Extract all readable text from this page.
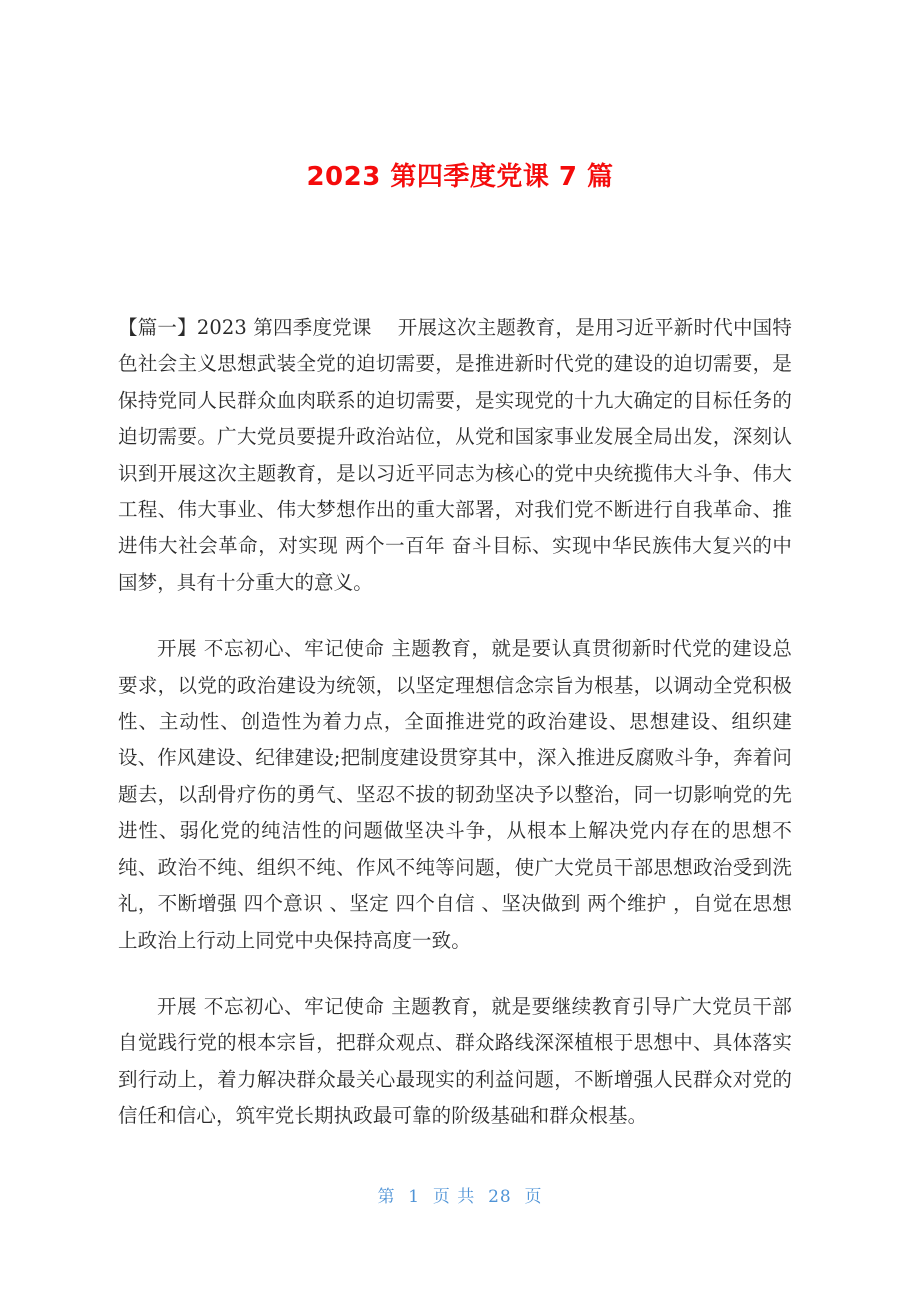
2023 第四季度党课 7 篇

【篇一】2023 第四季度党课　 开展这次主题教育，是用习近平新时代中国特色社会主义思想武装全党的迫切需要，是推进新时代党的建设的迫切需要，是保持党同人民群众血肉联系的迫切需要，是实现党的十九大确定的目标任务的迫切需要。广大党员要提升政治站位，从党和国家事业发展全局出发，深刻认识到开展这次主题教育，是以习近平同志为核心的党中央统揽伟大斗争、伟大工程、伟大事业、伟大梦想作出的重大部署，对我们党不断进行自我革命、推进伟大社会革命，对实现 两个一百年 奋斗目标、实现中华民族伟大复兴的中国梦，具有十分重大的意义。

开展 不忘初心、牢记使命 主题教育，就是要认真贯彻新时代党的建设总要求，以党的政治建设为统领，以坚定理想信念宗旨为根基，以调动全党积极性、主动性、创造性为着力点，全面推进党的政治建设、思想建设、组织建设、作风建设、纪律建设;把制度建设贯穿其中，深入推进反腐败斗争，奔着问题去，以刮骨疗伤的勇气、坚忍不拔的韧劲坚决予以整治，同一切影响党的先进性、弱化党的纯洁性的问题做坚决斗争，从根本上解决党内存在的思想不纯、政治不纯、组织不纯、作风不纯等问题，使广大党员干部思想政治受到洗礼，不断增强 四个意识 、坚定 四个自信 、坚决做到 两个维护 ，自觉在思想上政治上行动上同党中央保持高度一致。

开展 不忘初心、牢记使命 主题教育，就是要继续教育引导广大党员干部自觉践行党的根本宗旨，把群众观点、群众路线深深植根于思想中、具体落实到行动上，着力解决群众最关心最现实的利益问题，不断增强人民群众对党的信任和信心，筑牢党长期执政最可靠的阶级基础和群众根基。

第  1  页 共  28  页
